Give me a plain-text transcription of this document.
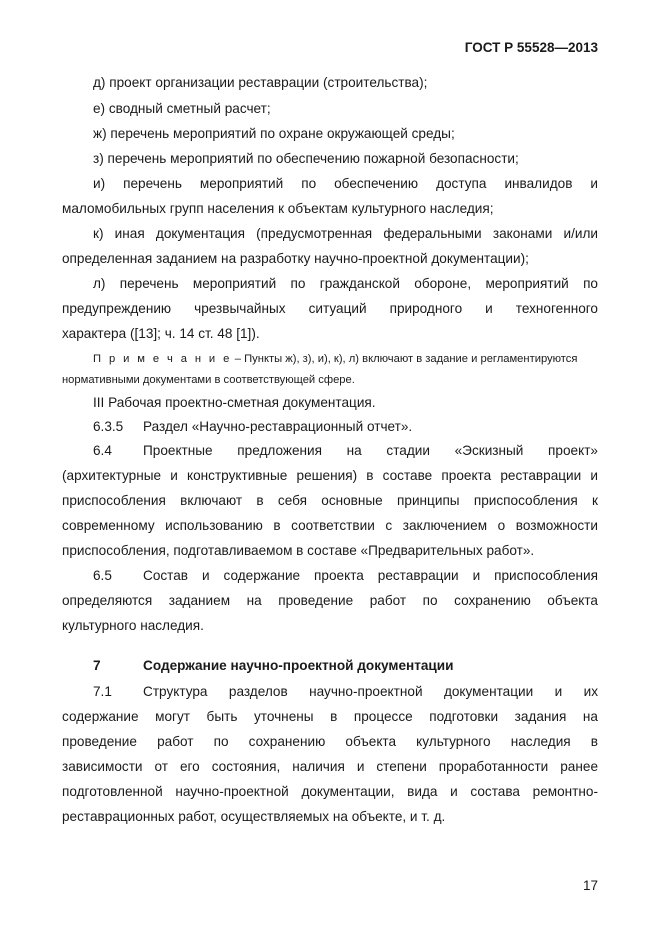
ГОСТ Р 55528—2013
д) проект организации реставрации (строительства);
е) сводный сметный расчет;
ж) перечень мероприятий по охране окружающей среды;
з) перечень мероприятий по обеспечению пожарной безопасности;
и) перечень мероприятий по обеспечению доступа инвалидов и
маломобильных групп населения к объектам культурного наследия;
к) иная документация (предусмотренная федеральными законами и/или
определенная заданием на разработку научно-проектной документации);
л) перечень мероприятий по гражданской обороне, мероприятий по
предупреждению чрезвычайных ситуаций природного и техногенного
характера ([13]; ч. 14 ст. 48 [1]).
П р и м е ч а н и е – Пункты ж), з), и), к), л) включают в задание и регламентируются
нормативными документами в соответствующей сфере.
III Рабочая проектно-сметная документация.
6.3.5 Раздел «Научно-реставрационный отчет».
6.4	Проектные предложения на стадии «Эскизный проект»
(архитектурные и конструктивные решения) в составе проекта реставрации и
приспособления включают в себя основные принципы приспособления к
современному использованию в соответствии с заключением о возможности
приспособления, подготавливаемом в составе «Предварительных работ».
6.5	Состав и содержание проекта реставрации и приспособления
определяются заданием на проведение работ по сохранению объекта
культурного наследия.
7	Содержание научно-проектной документации
7.1	Структура разделов научно-проектной документации и их
содержание могут быть уточнены в процессе подготовки задания на
проведение работ по сохранению объекта культурного наследия в
зависимости от его состояния, наличия и степени проработанности ранее
подготовленной научно-проектной документации, вида и состава ремонтно-
реставрационных работ, осуществляемых на объекте, и т. д.
17
